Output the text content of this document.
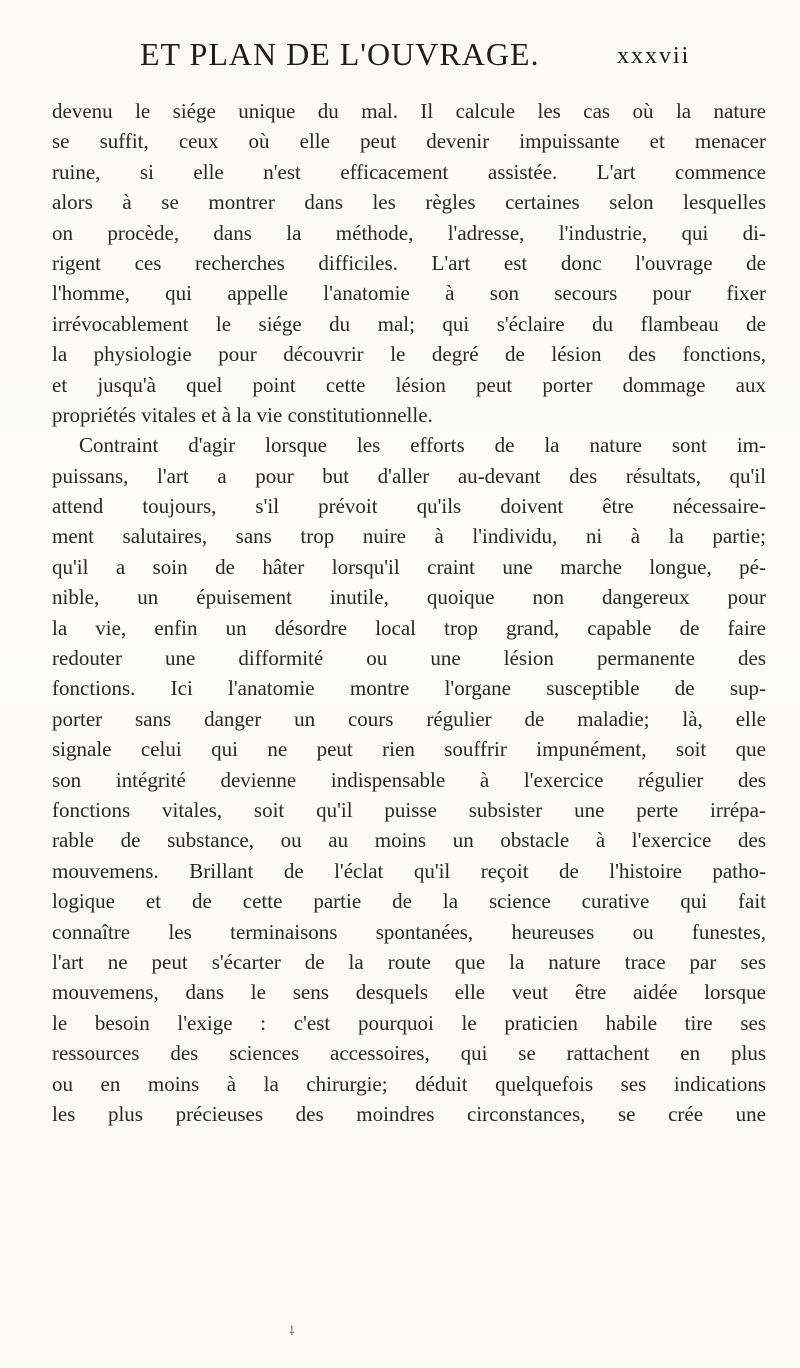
ET PLAN DE L'OUVRAGE.	xxxvii
devenu le siége unique du mal. Il calcule les cas où la nature
se suffit, ceux où elle peut devenir impuissante et menacer
ruine, si elle n'est efficacement assistée. L'art commence
alors à se montrer dans les règles certaines selon lesquelles
on procède, dans la méthode, l'adresse, l'industrie, qui di-
rigent ces recherches difficiles. L'art est donc l'ouvrage de
l'homme, qui appelle l'anatomie à son secours pour fixer
irrévocablement le siége du mal; qui s'éclaire du flambeau de
la physiologie pour découvrir le degré de lésion des fonctions,
et jusqu'à quel point cette lésion peut porter dommage aux
propriétés vitales et à la vie constitutionnelle.
Contraint d'agir lorsque les efforts de la nature sont im-
puissans, l'art a pour but d'aller au-devant des résultats, qu'il
attend toujours, s'il prévoit qu'ils doivent être nécessaire-
ment salutaires, sans trop nuire à l'individu, ni à la partie;
qu'il a soin de hâter lorsqu'il craint une marche longue, pé-
nible, un épuisement inutile, quoique non dangereux pour
la vie, enfin un désordre local trop grand, capable de faire
redouter une difformité ou une lésion permanente des
fonctions. Ici l'anatomie montre l'organe susceptible de sup-
porter sans danger un cours régulier de maladie; là, elle
signale celui qui ne peut rien souffrir impunément, soit que
son intégrité devienne indispensable à l'exercice régulier des
fonctions vitales, soit qu'il puisse subsister une perte irrépa-
rable de substance, ou au moins un obstacle à l'exercice des
mouvemens. Brillant de l'éclat qu'il reçoit de l'histoire patho-
logique et de cette partie de la science curative qui fait
connaître les terminaisons spontanées, heureuses ou funestes,
l'art ne peut s'écarter de la route que la nature trace par ses
mouvemens, dans le sens desquels elle veut être aidée lorsque
le besoin l'exige : c'est pourquoi le praticien habile tire ses
ressources des sciences accessoires, qui se rattachent en plus
ou en moins à la chirurgie; déduit quelquefois ses indications
les plus précieuses des moindres circonstances, se crée une
⸸
